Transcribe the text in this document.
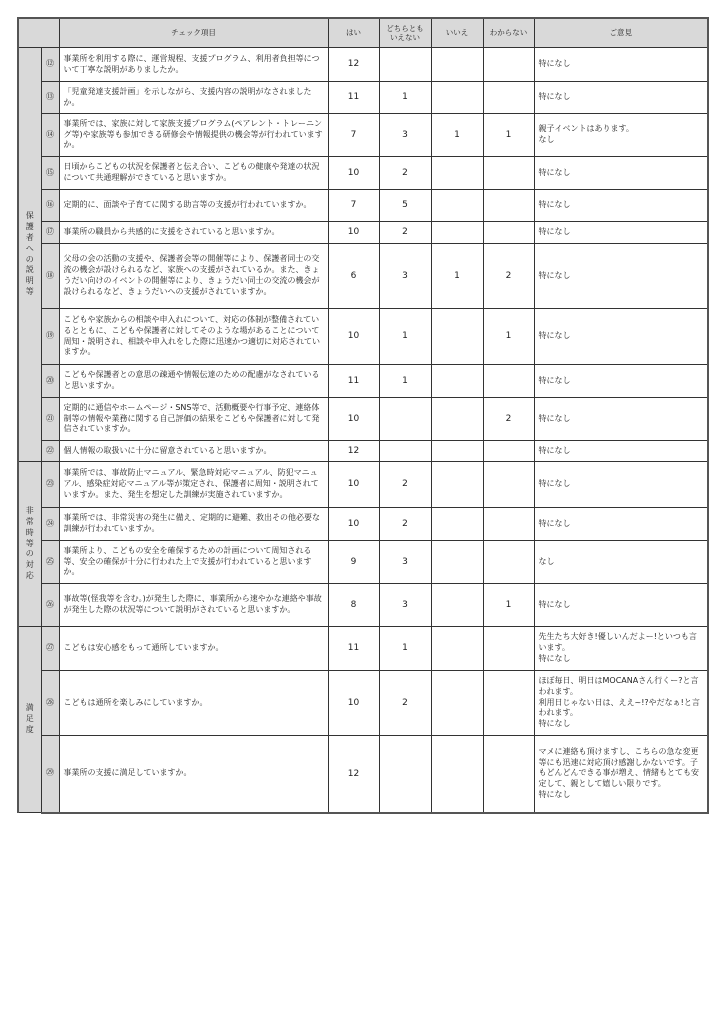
		チェック項目	はい	どちらとも
いえない	いいえ	わからない	ご意見
保護者への説明等	⑫	事業所を利用する際に、運営規程、支援プログラム、利用者負担等について丁寧な説明がありましたか。	12				特になし
	⑬	「児童発達支援計画」を示しながら、支援内容の説明がなされましたか。	11	1			特になし
	⑭	事業所では、家族に対して家族支援プログラム(ペアレント・トレーニング等)や家族等も参加できる研修会や情報提供の機会等が行われていますか。	7	3	1	1	親子イベントはあります。
なし
	⑮	日頃からこどもの状況を保護者と伝え合い、こどもの健康や発達の状況について共通理解ができていると思いますか。	10	2			特になし
	⑯	定期的に、面談や子育てに関する助言等の支援が行われていますか。	7	5			特になし
	⑰	事業所の職員から共感的に支援をされていると思いますか。	10	2			特になし
	⑱	父母の会の活動の支援や、保護者会等の開催等により、保護者同士の交流の機会が設けられるなど、家族への支援がされているか。また、きょうだい向けのイベントの開催等により、きょうだい同士の交流の機会が設けられるなど、きょうだいへの支援がされていますか。	6	3	1	2	特になし
	⑲	こどもや家族からの相談や申入れについて、対応の体制が整備されているとともに、こどもや保護者に対してそのような場があることについて周知・説明され、相談や申入れをした際に迅速かつ適切に対応されていますか。	10	1		1	特になし
	⑳	こどもや保護者との意思の疎通や情報伝達のための配慮がなされていると思いますか。	11	1			特になし
	㉑	定期的に通信やホームページ・SNS等で、活動概要や行事予定、連絡体制等の情報や業務に関する自己評価の結果をこどもや保護者に対して発信されていますか。	10			2	特になし
	㉒	個人情報の取扱いに十分に留意されていると思いますか。	12				特になし
非常時等の対応	㉓	事業所では、事故防止マニュアル、緊急時対応マニュアル、防犯マニュアル、感染症対応マニュアル等が策定され、保護者に周知・説明されていますか。また、発生を想定した訓練が実施されていますか。	10	2			特になし
	㉔	事業所では、非常災害の発生に備え、定期的に避難、救出その他必要な訓練が行われていますか。	10	2			特になし
	㉕	事業所より、こどもの安全を確保するための計画について周知される等、安全の確保が十分に行われた上で支援が行われていると思いますか。	9	3			なし
	㉖	事故等(怪我等を含む。)が発生した際に、事業所から速やかな連絡や事故が発生した際の状況等について説明がされていると思いますか。	8	3		1	特になし
満足度	㉗	こどもは安心感をもって通所していますか。	11	1			先生たち大好き!優しいんだよー!といつも言います。
特になし
	㉘	こどもは通所を楽しみにしていますか。	10	2			ほぼ毎日、明日はMOCANAさん行くー?と言われます。
利用日じゃない日は、ええ~!?やだなぁ!と言われます。
特になし
	㉙	事業所の支援に満足していますか。	12				マメに連絡も頂けますし、こちらの急な変更等にも迅速に対応頂け感謝しかないです。子もどんどんできる事が増え、情緒もとても安定して、親として嬉しい限りです。
特になし
